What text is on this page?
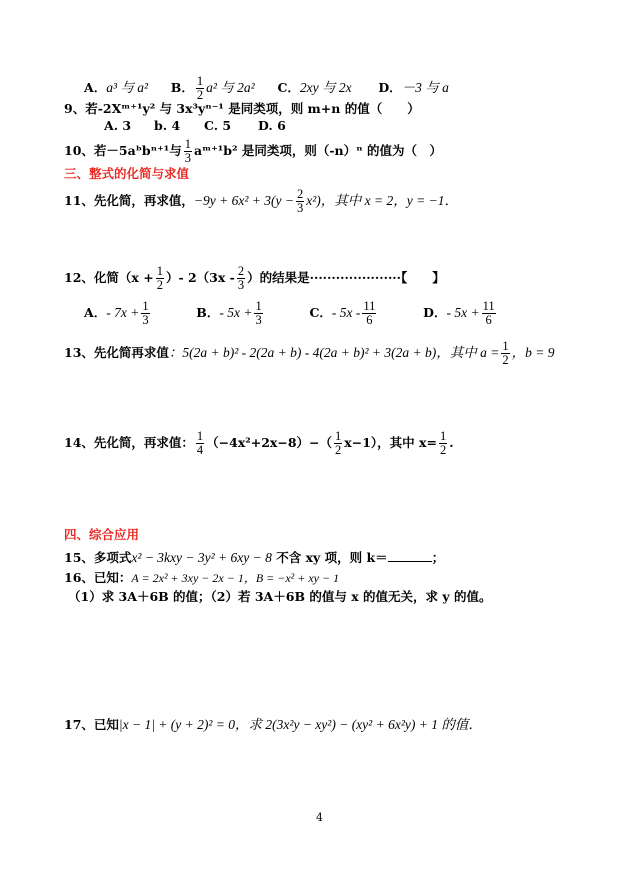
A．a³ 与 a² B． $\frac{1}{2} a^2$ 与 2a² C．2xy 与 2x D．－3 与 a
9、若-2Xᵐ⁺¹y² 与 3x³yⁿ⁻¹ 是同类项，则 m+n 的值（　　）
A. 3 b. 4 C. 5 D. 6
10、若－5aᵇbⁿ⁺¹与 $\frac{1}{3}$ aᵐ⁺¹b² 是同类项，则（-n）ⁿ 的值为（　）
三、整式的化简与求值
11、先化简，再求值，$-9y + 6x^2 + 3(y - \frac{2}{3} x^2)$，其中 x = 2，y = −1．
12、化简（$x + \frac{1}{2}$ ）- $2(3x - \frac{2}{3}$ ）的结果是·····················【　　】
A．- $7x + \frac{1}{3}$	B．- $5x + \frac{1}{3}$	C．- $5x - \frac{11}{6}$	D．- $5x + \frac{11}{6}$
13、先化简再求值：5(2a + b)² - 2(2a + b) - 4(2a + b)² + 3(2a + b)，其中 $a = \frac{1}{2}$ ，b = 9
14、先化简，再求值： $\frac{1}{4} (-4x^2+2x-8)-( \frac{1}{2} x-1)$，其中 $x= \frac{1}{2}$ .
四、综合应用
15、多项式x² − 3kxy − 3y² + 6xy − 8 不含 xy 项，则 k＝	；
16、已知：A = 2x² + 3xy − 2x − 1，B = −x² + xy − 1
（1）求 3A＋6B 的值；（2）若 3A＋6B 的值与 x 的值无关，求 y 的值。
17、已知|x − 1| + (y + 2)² = 0，求 2(3x²y − xy²) − (xy² + 6x²y) + 1 的值．
4
